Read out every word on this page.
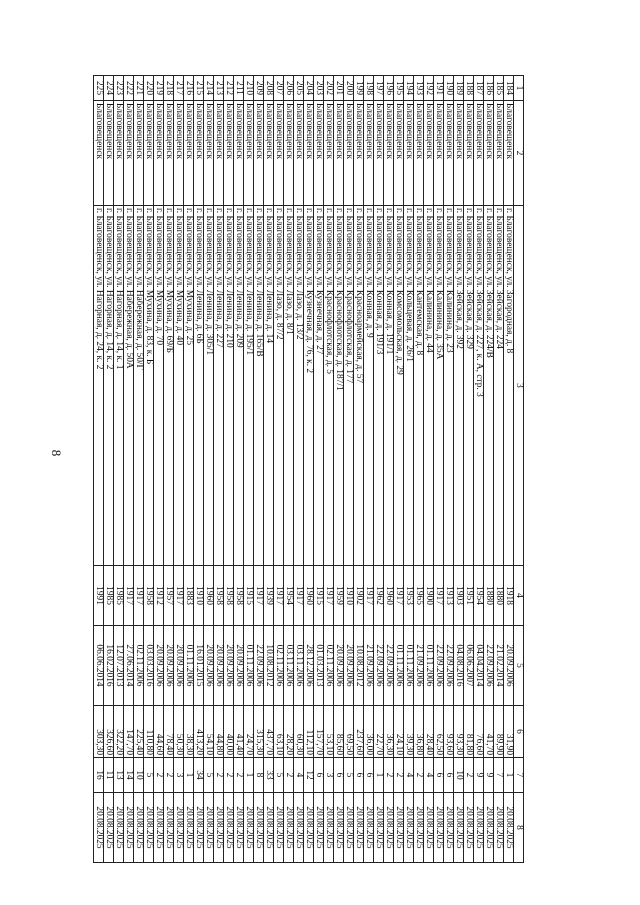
8
1	2	3	4	5	6	7	8
184	Благовещенск	г. Благовещенск, ул. Загородная, д. 8	1918	20.09.2006	31,90	1	20.08.2025
185	Благовещенск	г. Благовещенск, ул. Зейская, д. 224	1880	21.02.2014	89,90	7	20.08.2025
186	Благовещенск	г. Благовещенск, ул. Зейская, д. 224/В	1880	22.09.2006	41,70	9	20.08.2025
187	Благовещенск	г. Благовещенск, ул. Зейская, д. 227, к. А, стр. 3	1954	04.04.2014	76,60	9	20.08.2025
188	Благовещенск	г. Благовещенск, ул. Зейская, д. 329	1951	06.06.2007	81,80	2	20.08.2025
189	Благовещенск	г. Благовещенск, ул. Зейская, д. 392	1903	04.08.2016	93,30	10	20.08.2025
190	Благовещенск	г. Благовещенск, ул. Калинина, д. 23	1913	22.09.2006	93,60	6	20.08.2025
191	Благовещенск	г. Благовещенск, ул. Калинина, д. 35А	1917	22.09.2006	62,50	6	20.08.2025
192	Благовещенск	г. Благовещенск, ул. Калинина, д. 44	1900	01.11.2006	28,40	4	20.08.2025
193	Благовещенск	г. Благовещенск, ул. Кантемская, д. 8	1965	21.09.2006	36,80	2	20.08.2025
194	Благовещенск	г. Благовещенск, ул. Кольцевая, д. 26/1	1953	01.11.2006	39,30	4	20.08.2025
195	Благовещенск	г. Благовещенск, ул. Комсомольская, д. 29	1917	01.11.2006	24,10	2	20.08.2025
196	Благовещенск	г. Благовещенск, ул. Конная, д. 191/1	1960	22.09.2006	36,30	2	20.08.2025
197	Благовещенск	г. Благовещенск, ул. Конная, д. 191/3	1962	22.09.2006	22,70	1	20.08.2025
198	Благовещенск	г. Благовещенск, ул. Конная, д. 9	1917	21.09.2006	36,00	6	20.08.2025
199	Благовещенск	г. Благовещенск, ул. Красноармейская, д. 57	1902	10.08.2012	237,60	6	20.08.2025
200	Благовещенск	г. Благовещенск, ул. Краснофлотская, д. 177	1910	20.09.2006	69,50	5	20.08.2025
201	Благовещенск	г. Благовещенск, ул. Краснофлотская, д. 187/1	1959	20.09.2006	85,60	6	20.08.2025
202	Благовещенск	г. Благовещенск, ул. Краснофлотская, д. 5	1917	02.11.2006	53,10	3	20.08.2025
203	Благовещенск	г. Благовещенск, ул. Кузнечная, д. 27	1915	01.03.2013	157,70	6	20.08.2025
204	Благовещенск	г. Благовещенск, ул. Кузнечная, д. 76, к. 2	1960	28.12.2006	112,10	12	20.08.2025
205	Благовещенск	г. Благовещенск, ул. Лазо, д. 13/2	1917	03.11.2006	60,30	4	20.08.2025
206	Благовещенск	г. Благовещенск, ул. Лазо, д. 8/1	1954	03.11.2006	28,20	2	20.08.2025
207	Благовещенск	г. Благовещенск, ул. Лазо, д. 87/2	1917	02.11.2006	63,10	5	20.08.2025
208	Благовещенск	г. Благовещенск, ул. Ленина, д. 14	1939	10.08.2012	437,70	33	20.08.2025
209	Благовещенск	г. Благовещенск, ул. Ленина, д. 165/В	1917	22.09.2006	315,30	8	20.08.2025
210	Благовещенск	г. Благовещенск, ул. Ленина, д. 195/1	1915	01.11.2006	24,70	1	20.08.2025
211	Благовещенск	г. Благовещенск, ул. Ленина, д. 209	1958	20.09.2006	41,40	2	20.08.2025
212	Благовещенск	г. Благовещенск, ул. Ленина, д. 210	1958	20.09.2006	40,00	2	20.08.2025
213	Благовещенск	г. Благовещенск, ул. Ленина, д. 227	1958	20.09.2006	44,80	2	20.08.2025
214	Благовещенск	г. Благовещенск, ул. Ленина, д. 305/1	1960	20.09.2006	54,10	5	20.08.2025
215	Благовещенск	г. Благовещенск, ул. Ленина, д. 6Б	1910	16.01.2015	413,20	34	20.08.2025
216	Благовещенск	г. Благовещенск, ул. Мухина, д. 25	1883	01.11.2006	38,30	1	20.08.2025
217	Благовещенск	г. Благовещенск, ул. Мухина, д. 40	1917	20.09.2006	50,30	3	20.08.2025
218	Благовещенск	г. Благовещенск, ул. Мухина, д. 69/Б	1957	20.09.2006	78,40	2	20.08.2025
219	Благовещенск	г. Благовещенск, ул. Мухина, д. 70	1912	20.09.2006	44,60	2	20.08.2025
220	Благовещенск	г. Благовещенск, ул. Мухина, д. 83, к. Б	1958	03.03.2016	110,80	5	20.08.2025
221	Благовещенск	г. Благовещенск, ул. Набережная, д. 50/Г	1917	02.11.2006	225,40	10	20.08.2025
222	Благовещенск	г. Благовещенск, ул. Набережная, д. 50А	1917	27.06.2014	147,70	14	20.08.2025
223	Благовещенск	г. Благовещенск, ул. Нагорная, д. 14, к. 1	1985	12.07.2013	322,20	13	20.08.2025
224	Благовещенск	г. Благовещенск, ул. Нагорная, д. 14, к. 2	1985	16.02.2016	326,60	11	20.08.2025
225	Благовещенск	г. Благовещенск, ул. Нагорная, д. 24, к. 2	1991	06.06.2014	303,30	16	20.08.2025
